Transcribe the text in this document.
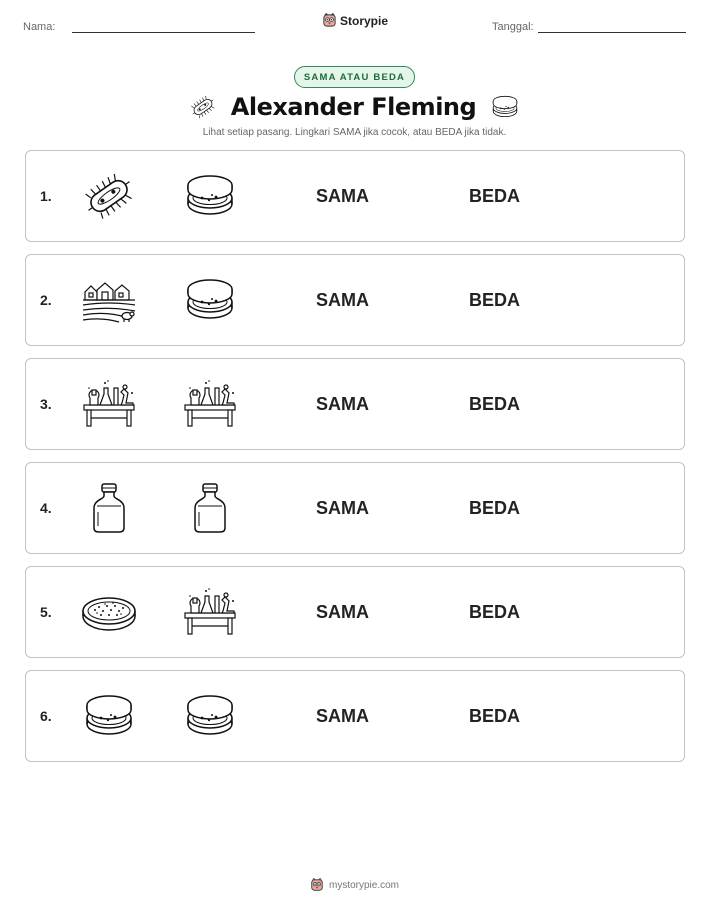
Nama:	Storypie	Tanggal:
SAMA ATAU BEDA
Alexander Fleming

Lihat setiap pasang. Lingkari SAMA jika cocok, atau BEDA jika tidak.

1.	SAMA	BEDA
2.	SAMA	BEDA
3.	SAMA	BEDA
4.	SAMA	BEDA
5.	SAMA	BEDA
6.	SAMA	BEDA
mystorypie.com
